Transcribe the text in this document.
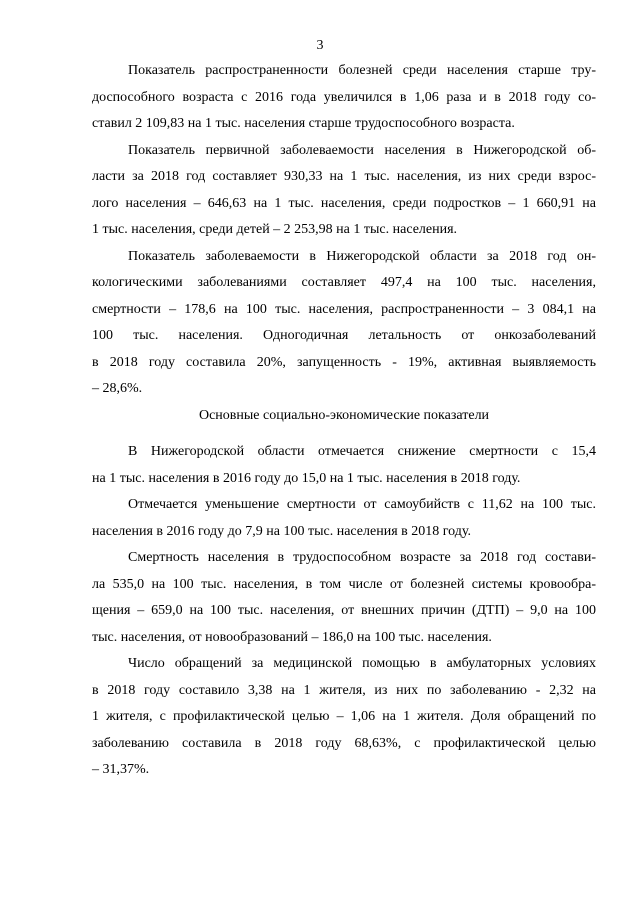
3
Показатель распространенности болезней среди населения старше тру-
доспособного возраста с 2016 года увеличился в 1,06 раза и в 2018 году со-
ставил 2 109,83 на 1 тыс. населения старше трудоспособного возраста.
Показатель первичной заболеваемости населения в Нижегородской об-
ласти за 2018 год составляет 930,33 на 1 тыс. населения, из них среди взрос-
лого населения – 646,63 на 1 тыс. населения, среди подростков – 1 660,91 на
1 тыс. населения, среди детей – 2 253,98 на 1 тыс. населения.
Показатель заболеваемости в Нижегородской области за 2018 год он-
кологическими заболеваниями составляет 497,4 на 100 тыс. населения,
смертности – 178,6 на 100 тыс. населения, распространенности – 3 084,1 на
100 тыс. населения. Одногодичная летальность от онкозаболеваний
в 2018 году составила 20%, запущенность - 19%, активная выявляемость
– 28,6%.
Основные социально-экономические показатели
В Нижегородской области отмечается снижение смертности с 15,4
на 1 тыс. населения в 2016 году до 15,0 на 1 тыс. населения в 2018 году.
Отмечается уменьшение смертности от самоубийств с 11,62 на 100 тыс.
населения в 2016 году до 7,9 на 100 тыс. населения в 2018 году.
Смертность населения в трудоспособном возрасте за 2018 год состави-
ла 535,0 на 100 тыс. населения, в том числе от болезней системы кровообра-
щения – 659,0 на 100 тыс. населения, от внешних причин (ДТП) – 9,0 на 100
тыс. населения, от новообразований – 186,0 на 100 тыс. населения.
Число обращений за медицинской помощью в амбулаторных условиях
в 2018 году составило 3,38 на 1 жителя, из них по заболеванию - 2,32 на
1 жителя, с профилактической целью – 1,06 на 1 жителя. Доля обращений по
заболеванию составила в 2018 году 68,63%, с профилактической целью
– 31,37%.
